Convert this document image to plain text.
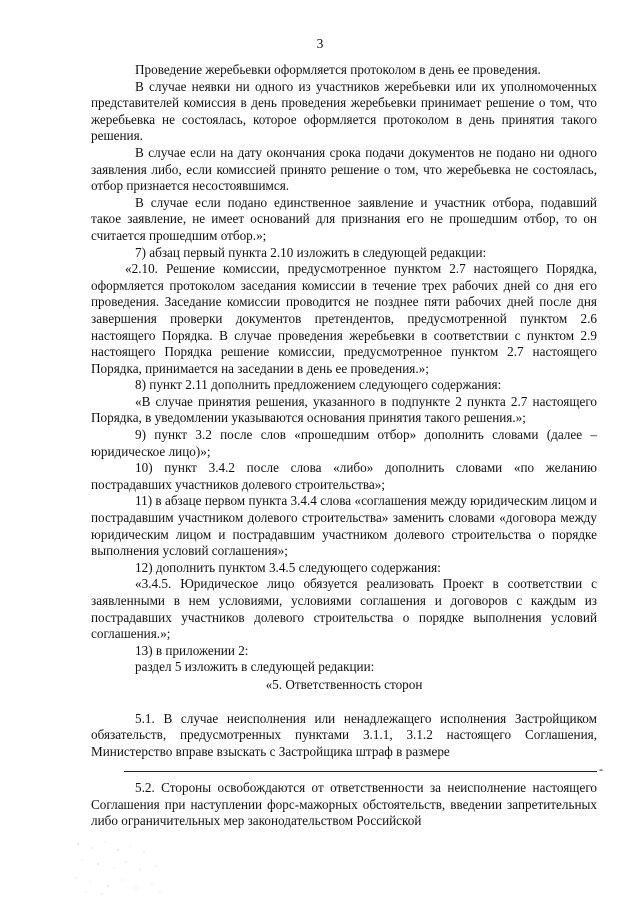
3

Проведение жеребьевки оформляется протоколом в день ее проведения.

В случае неявки ни одного из участников жеребьевки или их уполномоченных представителей комиссия в день проведения жеребьевки принимает решение о том, что жеребьевка не состоялась, которое оформляется протоколом в день принятия такого решения.

В случае если на дату окончания срока подачи документов не подано ни одного заявления либо, если комиссией принято решение о том, что жеребьевка не состоялась, отбор признается несостоявшимся.

В случае если подано единственное заявление и участник отбора, подавший такое заявление, не имеет оснований для признания его не прошедшим отбор, то он считается прошедшим отбор.»;

7) абзац первый пункта 2.10 изложить в следующей редакции:

«2.10. Решение комиссии, предусмотренное пунктом 2.7 настоящего Порядка, оформляется протоколом заседания комиссии в течение трех рабочих дней со дня его проведения. Заседание комиссии проводится не позднее пяти рабочих дней после дня завершения проверки документов претендентов, предусмотренной пунктом 2.6 настоящего Порядка. В случае проведения жеребьевки в соответствии с пунктом 2.9 настоящего Порядка решение комиссии, предусмотренное пунктом 2.7 настоящего Порядка, принимается на заседании в день ее проведения.»;

8) пункт 2.11 дополнить предложением следующего содержания:

«В случае принятия решения, указанного в подпункте 2 пункта 2.7 настоящего Порядка, в уведомлении указываются основания принятия такого решения.»;

9) пункт 3.2 после слов «прошедшим отбор» дополнить словами (далее – юридическое лицо)»;

10) пункт 3.4.2 после слова «либо» дополнить словами «по желанию пострадавших участников долевого строительства»;

11) в абзаце первом пункта 3.4.4 слова «соглашения между юридическим лицом и пострадавшим участником долевого строительства» заменить словами «договора между юридическим лицом и пострадавшим участником долевого строительства о порядке выполнения условий соглашения»;

12) дополнить пунктом 3.4.5 следующего содержания:

«3.4.5. Юридическое лицо обязуется реализовать Проект в соответствии с заявленными в нем условиями, условиями соглашения и договоров с каждым из пострадавших участников долевого строительства о порядке выполнения условий соглашения.»;

13) в приложении 2:

раздел 5 изложить в следующей редакции:

«5. Ответственность сторон

5.1. В случае неисполнения или ненадлежащего исполнения Застройщиком обязательств, предусмотренных пунктами 3.1.1, 3.1.2 настоящего Соглашения, Министерство вправе взыскать с Застройщика штраф в размере

-

5.2. Стороны освобождаются от ответственности за неисполнение настоящего Соглашения при наступлении форс-мажорных обстоятельств, введении запретительных либо ограничительных мер законодательством Российской
